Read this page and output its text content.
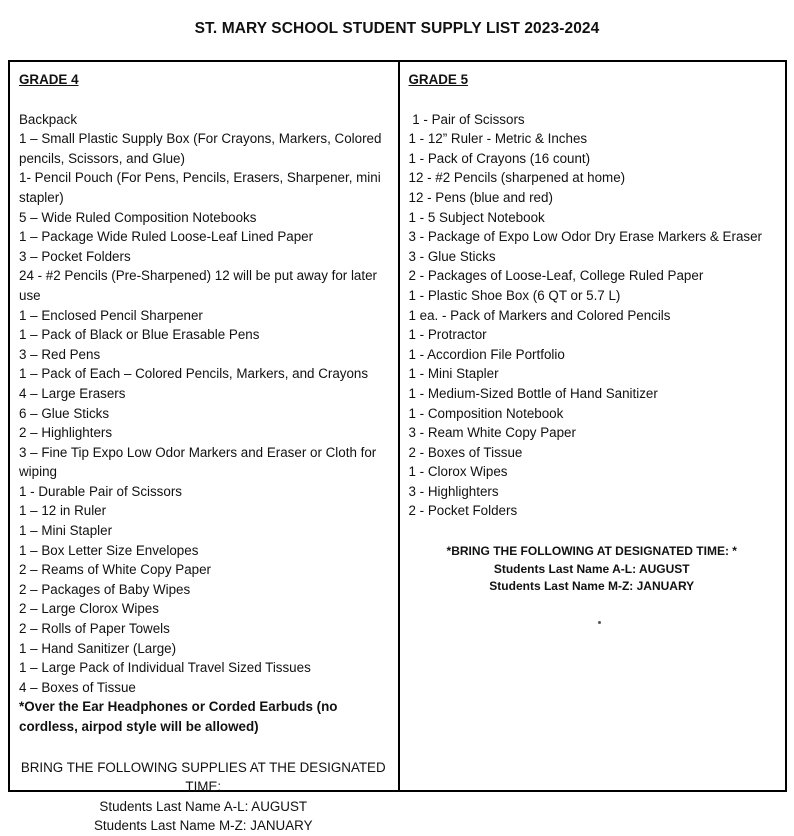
ST. MARY SCHOOL STUDENT SUPPLY LIST 2023-2024
GRADE 4
Backpack
1 – Small Plastic Supply Box (For Crayons, Markers, Colored pencils, Scissors, and Glue)
1- Pencil Pouch (For Pens, Pencils, Erasers, Sharpener, mini stapler)
5 – Wide Ruled Composition Notebooks
1 – Package Wide Ruled Loose-Leaf Lined Paper
3 – Pocket Folders
24 - #2 Pencils (Pre-Sharpened) 12 will be put away for later use
1 – Enclosed Pencil Sharpener
1 – Pack of Black or Blue Erasable Pens
3 – Red Pens
1 – Pack of Each – Colored Pencils, Markers, and Crayons
4 – Large Erasers
6 – Glue Sticks
2 – Highlighters
3 – Fine Tip Expo Low Odor Markers and Eraser or Cloth for wiping
1 - Durable Pair of Scissors
1 – 12 in Ruler
1 – Mini Stapler
1 – Box Letter Size Envelopes
2 – Reams of White Copy Paper
2 – Packages of Baby Wipes
2 – Large Clorox Wipes
2 – Rolls of Paper Towels
1 – Hand Sanitizer (Large)
1 – Large Pack of Individual Travel Sized Tissues
4 – Boxes of Tissue
*Over the Ear Headphones or Corded Earbuds (no cordless, airpod style will be allowed)
BRING THE FOLLOWING SUPPLIES AT THE DESIGNATED TIME:
Students Last Name A-L: AUGUST
Students Last Name M-Z: JANUARY
GRADE 5
1 - Pair of Scissors
1 - 12” Ruler - Metric & Inches
1 - Pack of Crayons (16 count)
12 - #2 Pencils (sharpened at home)
12 - Pens (blue and red)
1 - 5 Subject Notebook
3 - Package of Expo Low Odor Dry Erase Markers & Eraser
3 - Glue Sticks
2 - Packages of Loose-Leaf, College Ruled Paper
1 - Plastic Shoe Box (6 QT or 5.7 L)
1 ea. - Pack of Markers and Colored Pencils
1 - Protractor
1 - Accordion File Portfolio
1 - Mini Stapler
1 - Medium-Sized Bottle of Hand Sanitizer
1 - Composition Notebook
3 - Ream White Copy Paper
2 - Boxes of Tissue
1 - Clorox Wipes
3 - Highlighters
2 - Pocket Folders
*BRING THE FOLLOWING AT DESIGNATED TIME: *
Students Last Name A-L: AUGUST
Students Last Name M-Z: JANUARY
